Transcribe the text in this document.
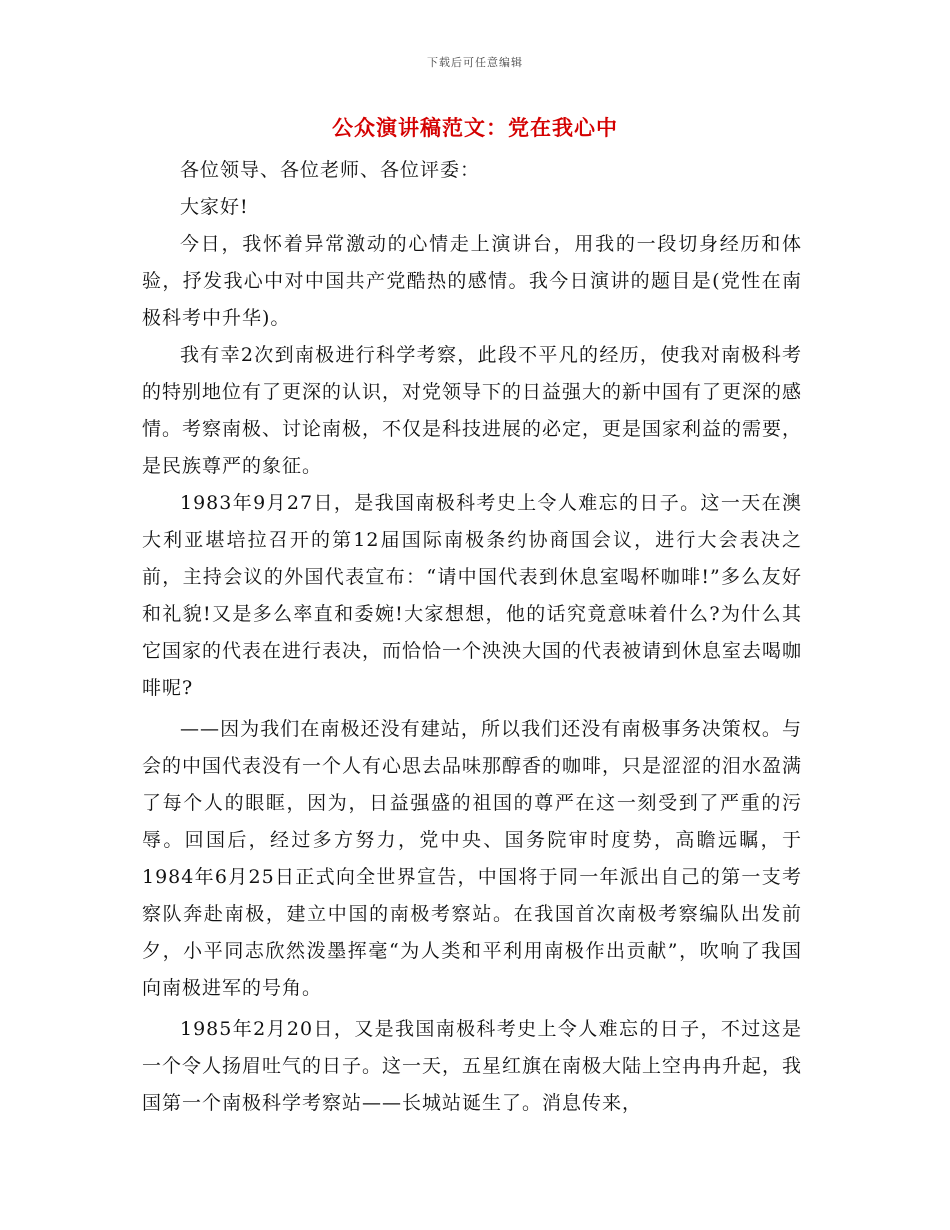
下载后可任意编辑
公众演讲稿范文：党在我心中

各位领导、各位老师、各位评委：

大家好!

今日，我怀着异常激动的心情走上演讲台，用我的一段切身经历和体验，抒发我心中对中国共产党酷热的感情。我今日演讲的题目是(党性在南极科考中升华)。

我有幸2次到南极进行科学考察，此段不平凡的经历，使我对南极科考的特别地位有了更深的认识，对党领导下的日益强大的新中国有了更深的感情。考察南极、讨论南极，不仅是科技进展的必定，更是国家利益的需要，是民族尊严的象征。

1983年9月27日，是我国南极科考史上令人难忘的日子。这一天在澳大利亚堪培拉召开的第12届国际南极条约协商国会议，进行大会表决之前，主持会议的外国代表宣布：“请中国代表到休息室喝杯咖啡!”多么友好和礼貌!又是多么率直和委婉!大家想想，他的话究竟意味着什么?为什么其它国家的代表在进行表决，而恰恰一个泱泱大国的代表被请到休息室去喝咖啡呢?

——因为我们在南极还没有建站，所以我们还没有南极事务决策权。与会的中国代表没有一个人有心思去品味那醇香的咖啡，只是涩涩的泪水盈满了每个人的眼眶，因为，日益强盛的祖国的尊严在这一刻受到了严重的污辱。回国后，经过多方努力，党中央、国务院审时度势，高瞻远瞩，于1984年6月25日正式向全世界宣告，中国将于同一年派出自己的第一支考察队奔赴南极，建立中国的南极考察站。在我国首次南极考察编队出发前夕，小平同志欣然泼墨挥毫“为人类和平利用南极作出贡献”，吹响了我国向南极进军的号角。

1985年2月20日，又是我国南极科考史上令人难忘的日子，不过这是一个令人扬眉吐气的日子。这一天，五星红旗在南极大陆上空冉冉升起，我国第一个南极科学考察站——长城站诞生了。消息传来，
